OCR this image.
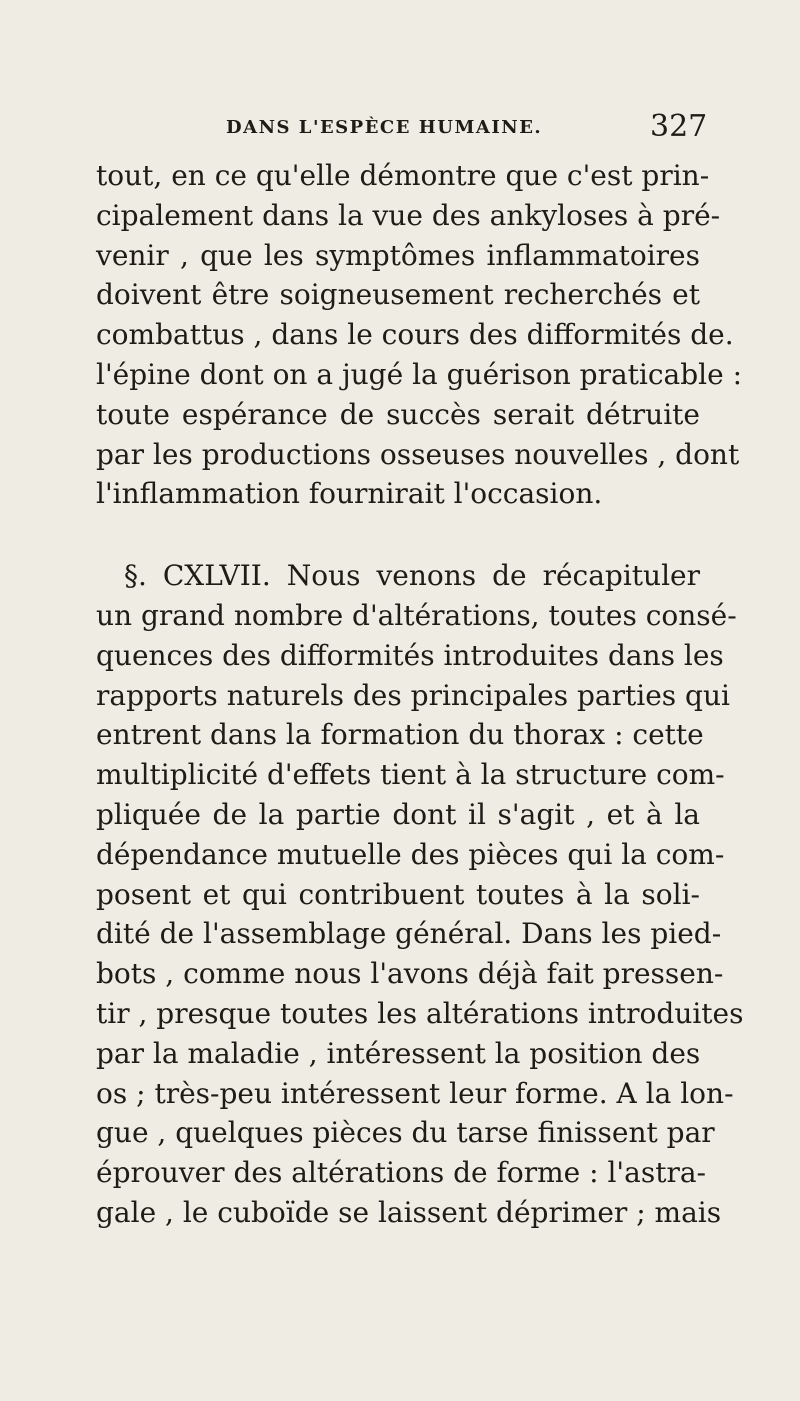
DANS L'ESPÈCE HUMAINE.	327
tout, en ce qu'elle démontre que c'est prin-
cipalement dans la vue des ankyloses à pré-
venir , que les symptômes inflammatoires
doivent être soigneusement recherchés et
combattus , dans le cours des difformités de.
l'épine dont on a jugé la guérison praticable :
toute espérance de succès serait détruite
par les productions osseuses nouvelles , dont
l'inflammation fournirait l'occasion.
§. CXLVII. Nous venons de récapituler
un grand nombre d'altérations, toutes consé-
quences des difformités introduites dans les
rapports naturels des principales parties qui
entrent dans la formation du thorax : cette
multiplicité d'effets tient à la structure com-
pliquée de la partie dont il s'agit , et à la
dépendance mutuelle des pièces qui la com-
posent et qui contribuent toutes à la soli-
dité de l'assemblage général. Dans les pied-
bots , comme nous l'avons déjà fait pressen-
tir , presque toutes les altérations introduites
par la maladie , intéressent la position des
os ; très-peu intéressent leur forme. A la lon-
gue , quelques pièces du tarse finissent par
éprouver des altérations de forme : l'astra-
gale , le cuboïde se laissent déprimer ; mais
